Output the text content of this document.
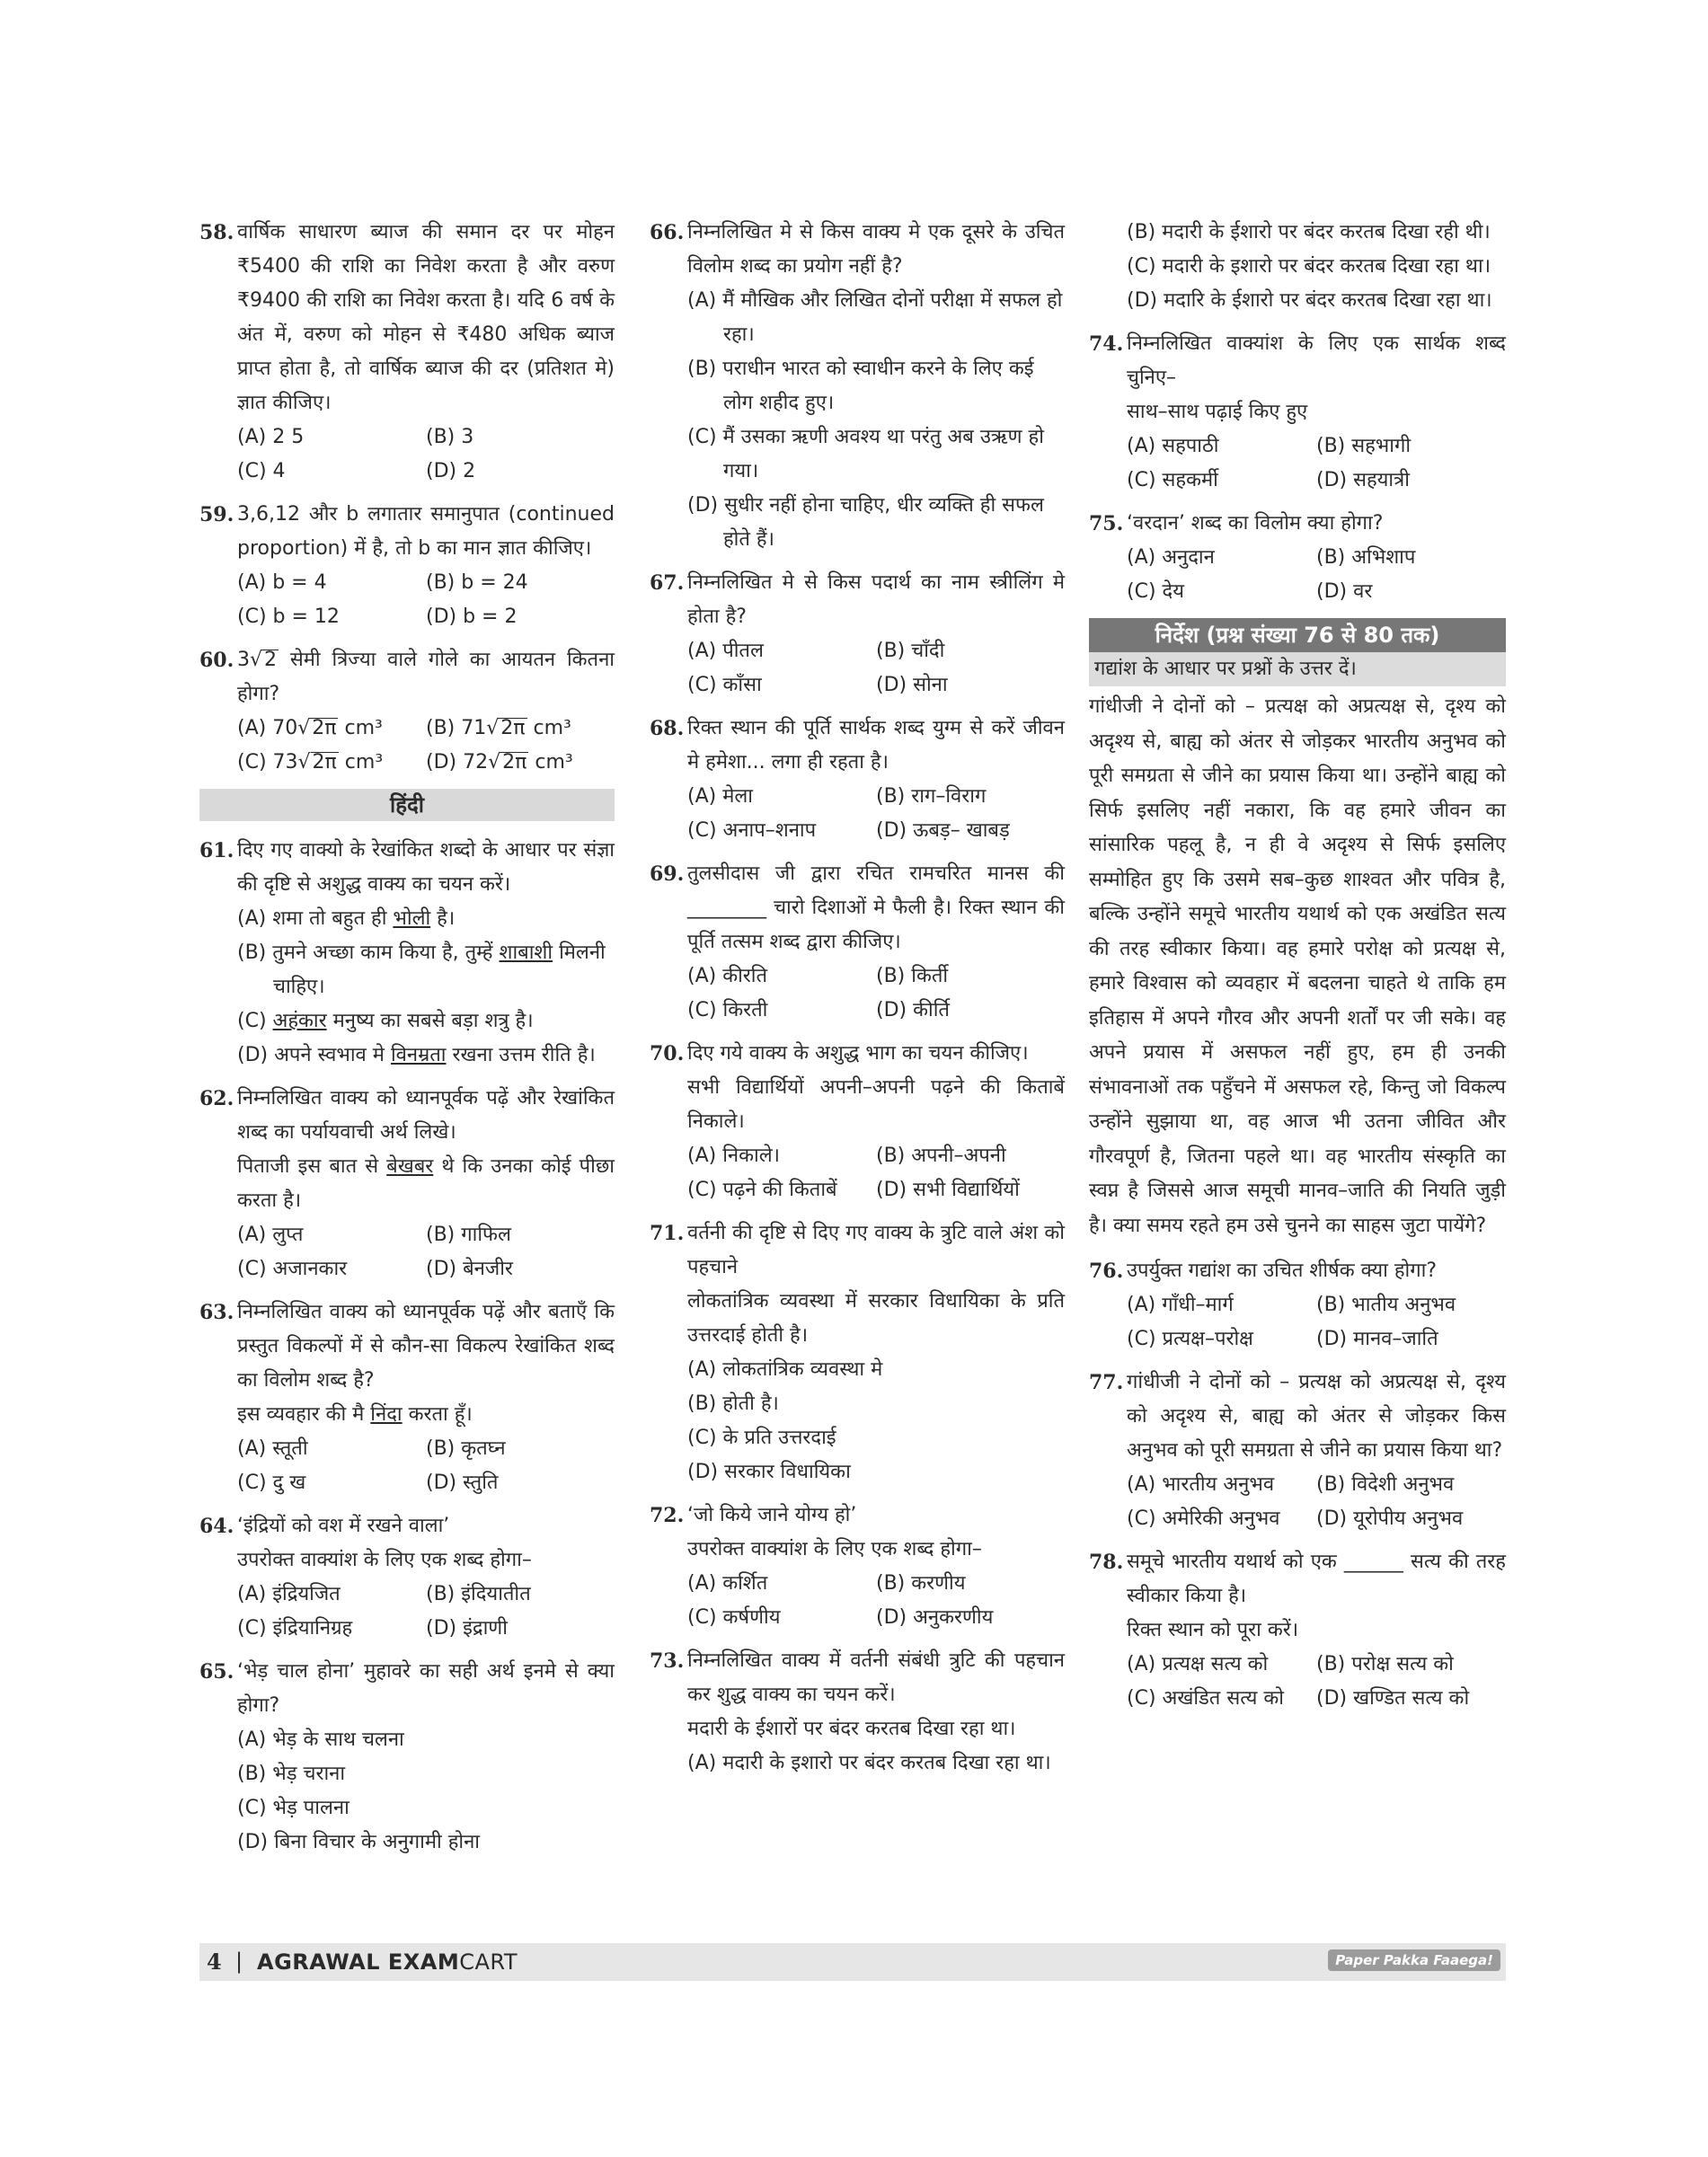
58. वार्षिक साधारण ब्याज की समान दर पर मोहन ₹5400 की राशि का निवेश करता है और वरुण ₹9400 की राशि का निवेश करता है। यदि 6 वर्ष के अंत में, वरुण को मोहन से ₹480 अधिक ब्याज प्राप्त होता है, तो वार्षिक ब्याज की दर (प्रतिशत मे) ज्ञात कीजिए।

(A) 2 5	(B) 3
(C) 4	(D) 2
59. 3,6,12 और b लगातार समानुपात (continued proportion) में है, तो b का मान ज्ञात कीजिए।

(A) b = 4	(B) b = 24
(C) b = 12	(D) b = 2
60. 3√2 सेमी त्रिज्या वाले गोले का आयतन कितना होगा?

(A) 70√2π cm³	(B) 71√2π cm³
(C) 73√2π cm³	(D) 72√2π cm³
हिंदी
61. दिए गए वाक्यो के रेखांकित शब्दो के आधार पर संज्ञा की दृष्टि से अशुद्ध वाक्य का चयन करें।

(A) शमा तो बहुत ही भोली है।
(B) तुमने अच्छा काम किया है, तुम्हें शाबाशी मिलनी चाहिए।
(C) अहंकार मनुष्य का सबसे बड़ा शत्रु है।
(D) अपने स्वभाव मे विनम्रता रखना उत्तम रीति है।
62. निम्नलिखित वाक्य को ध्यानपूर्वक पढ़ें और रेखांकित शब्द का पर्यायवाची अर्थ लिखे।

पिताजी इस बात से बेखबर थे कि उनका कोई पीछा करता है।

(A) लुप्त	(B) गाफिल
(C) अजानकार	(D) बेनजीर
63. निम्नलिखित वाक्य को ध्यानपूर्वक पढ़ें और बताएँ कि प्रस्तुत विकल्पों में से कौन-सा विकल्प रेखांकित शब्द का विलोम शब्द है?

इस व्यवहार की मै निंदा करता हूँ।

(A) स्तूती	(B) कृतघ्न
(C) दु ख	(D) स्तुति
64. ‘इंद्रियों को वश में रखने वाला’

उपरोक्त वाक्यांश के लिए एक शब्द होगा–

(A) इंद्रियजित	(B) इंदियातीत
(C) इंद्रियानिग्रह	(D) इंद्राणी
65. ‘भेड़ चाल होना’ मुहावरे का सही अर्थ इनमे से क्या होगा?

(A) भेड़ के साथ चलना
(B) भेड़ चराना
(C) भेड़ पालना
(D) बिना विचार के अनुगामी होना
66. निम्नलिखित मे से किस वाक्य मे एक दूसरे के उचित विलोम शब्द का प्रयोग नहीं है?

(A) मैं मौखिक और लिखित दोनों परीक्षा में सफल हो रहा।
(B) पराधीन भारत को स्वाधीन करने के लिए कई लोग शहीद हुए।
(C) मैं उसका ऋणी अवश्य था परंतु अब उऋण हो गया।
(D) सुधीर नहीं होना चाहिए, धीर व्यक्ति ही सफल होते हैं।
67. निम्नलिखित मे से किस पदार्थ का नाम स्त्रीलिंग मे होता है?

(A) पीतल	(B) चाँदी
(C) काँसा	(D) सोना
68. रिक्त स्थान की पूर्ति सार्थक शब्द युग्म से करें जीवन मे हमेशा... लगा ही रहता है।

(A) मेला	(B) राग–विराग
(C) अनाप–शनाप	(D) ऊबड़– खाबड़
69. तुलसीदास जी द्वारा रचित रामचरित मानस की ________ चारो दिशाओं मे फैली है। रिक्त स्थान की पूर्ति तत्सम शब्द द्वारा कीजिए।

(A) कीरति	(B) किर्ती
(C) किरती	(D) कीर्ति
70. दिए गये वाक्य के अशुद्ध भाग का चयन कीजिए।

सभी विद्यार्थियों अपनी–अपनी पढ़ने की किताबें निकाले।

(A) निकाले।	(B) अपनी–अपनी
(C) पढ़ने की किताबें	(D) सभी विद्यार्थियों
71. वर्तनी की दृष्टि से दिए गए वाक्य के त्रुटि वाले अंश को पहचाने

लोकतांत्रिक व्यवस्था में सरकार विधायिका के प्रति उत्तरदाई होती है।

(A) लोकतांत्रिक व्यवस्था मे
(B) होती है।
(C) के प्रति उत्तरदाई
(D) सरकार विधायिका
72. ‘जो किये जाने योग्य हो’

उपरोक्त वाक्यांश के लिए एक शब्द होगा–

(A) कर्शित	(B) करणीय
(C) कर्षणीय	(D) अनुकरणीय
73. निम्नलिखित वाक्य में वर्तनी संबंधी त्रुटि की पहचान कर शुद्ध वाक्य का चयन करें।

मदारी के ईशारों पर बंदर करतब दिखा रहा था।

(A) मदारी के इशारो पर बंदर करतब दिखा रहा था।
(B) मदारी के ईशारो पर बंदर करतब दिखा रही थी।
(C) मदारी के इशारो पर बंदर करतब दिखा रहा था।
(D) मदारि के ईशारो पर बंदर करतब दिखा रहा था।
74. निम्नलिखित वाक्यांश के लिए एक सार्थक शब्द चुनिए–

साथ–साथ पढ़ाई किए हुए

(A) सहपाठी	(B) सहभागी
(C) सहकर्मी	(D) सहयात्री
75. ‘वरदान’ शब्द का विलोम क्या होगा?

(A) अनुदान	(B) अभिशाप
(C) देय	(D) वर
निर्देश (प्रश्न संख्या 76 से 80 तक)
गद्यांश के आधार पर प्रश्नों के उत्तर दें।
गांधीजी ने दोनों को – प्रत्यक्ष को अप्रत्यक्ष से, दृश्य को अदृश्य से, बाह्य को अंतर से जोड़कर भारतीय अनुभव को पूरी समग्रता से जीने का प्रयास किया था। उन्होंने बाह्य को सिर्फ इसलिए नहीं नकारा, कि वह हमारे जीवन का सांसारिक पहलू है, न ही वे अदृश्य से सिर्फ इसलिए सम्मोहित हुए कि उसमे सब–कुछ शाश्वत और पवित्र है, बल्कि उन्होंने समूचे भारतीय यथार्थ को एक अखंडित सत्य की तरह स्वीकार किया। वह हमारे परोक्ष को प्रत्यक्ष से, हमारे विश्वास को व्यवहार में बदलना चाहते थे ताकि हम इतिहास में अपने गौरव और अपनी शर्तों पर जी सके। वह अपने प्रयास में असफल नहीं हुए, हम ही उनकी संभावनाओं तक पहुँचने में असफल रहे, किन्तु जो विकल्प उन्होंने सुझाया था, वह आज भी उतना जीवित और गौरवपूर्ण है, जितना पहले था। वह भारतीय संस्कृति का स्वप्न है जिससे आज समूची मानव–जाति की नियति जुड़ी है। क्या समय रहते हम उसे चुनने का साहस जुटा पायेंगे?
76. उपर्युक्त गद्यांश का उचित शीर्षक क्या होगा?

(A) गाँधी–मार्ग	(B) भातीय अनुभव
(C) प्रत्यक्ष–परोक्ष	(D) मानव–जाति
77. गांधीजी ने दोनों को – प्रत्यक्ष को अप्रत्यक्ष से, दृश्य को अदृश्य से, बाह्य को अंतर से जोड़कर किस अनुभव को पूरी समग्रता से जीने का प्रयास किया था?

(A) भारतीय अनुभव	(B) विदेशी अनुभव
(C) अमेरिकी अनुभव	(D) यूरोपीय अनुभव
78. समूचे भारतीय यथार्थ को एक ______ सत्य की तरह स्वीकार किया है।

रिक्त स्थान को पूरा करें।

(A) प्रत्यक्ष सत्य को	(B) परोक्ष सत्य को
(C) अखंडित सत्य को	(D) खण्डित सत्य को
4 | AGRAWAL EXAMCART	Paper Pakka Faaega!
